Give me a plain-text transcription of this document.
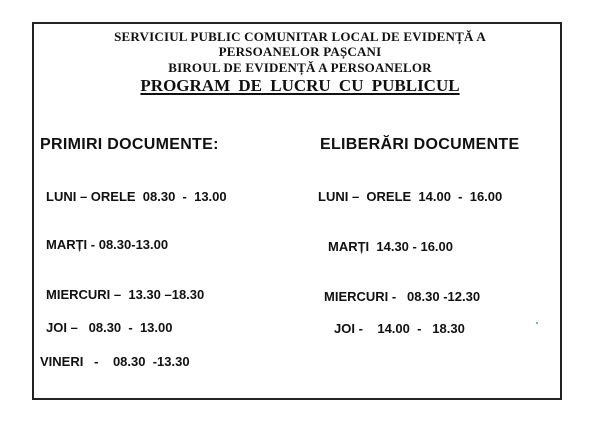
SERVICIUL PUBLIC COMUNITAR LOCAL DE EVIDENȚĂ A
PERSOANELOR PAȘCANI
BIROUL DE EVIDENȚĂ A PERSOANELOR
PROGRAM DE LUCRU CU PUBLICUL
PRIMIRI DOCUMENTE:	ELIBERĂRI DOCUMENTE
LUNI – ORELE  08.30  -  13.00
MARȚI - 08.30-13.00
MIERCURI –  13.30 –18.30
JOI –   08.30  -  13.00
VINERI   -    08.30  -13.30
LUNI –  ORELE  14.00  -  16.00
MARȚI  14.30 - 16.00
MIERCURI -   08.30 -12.30
JOI -    14.00  -   18.30
